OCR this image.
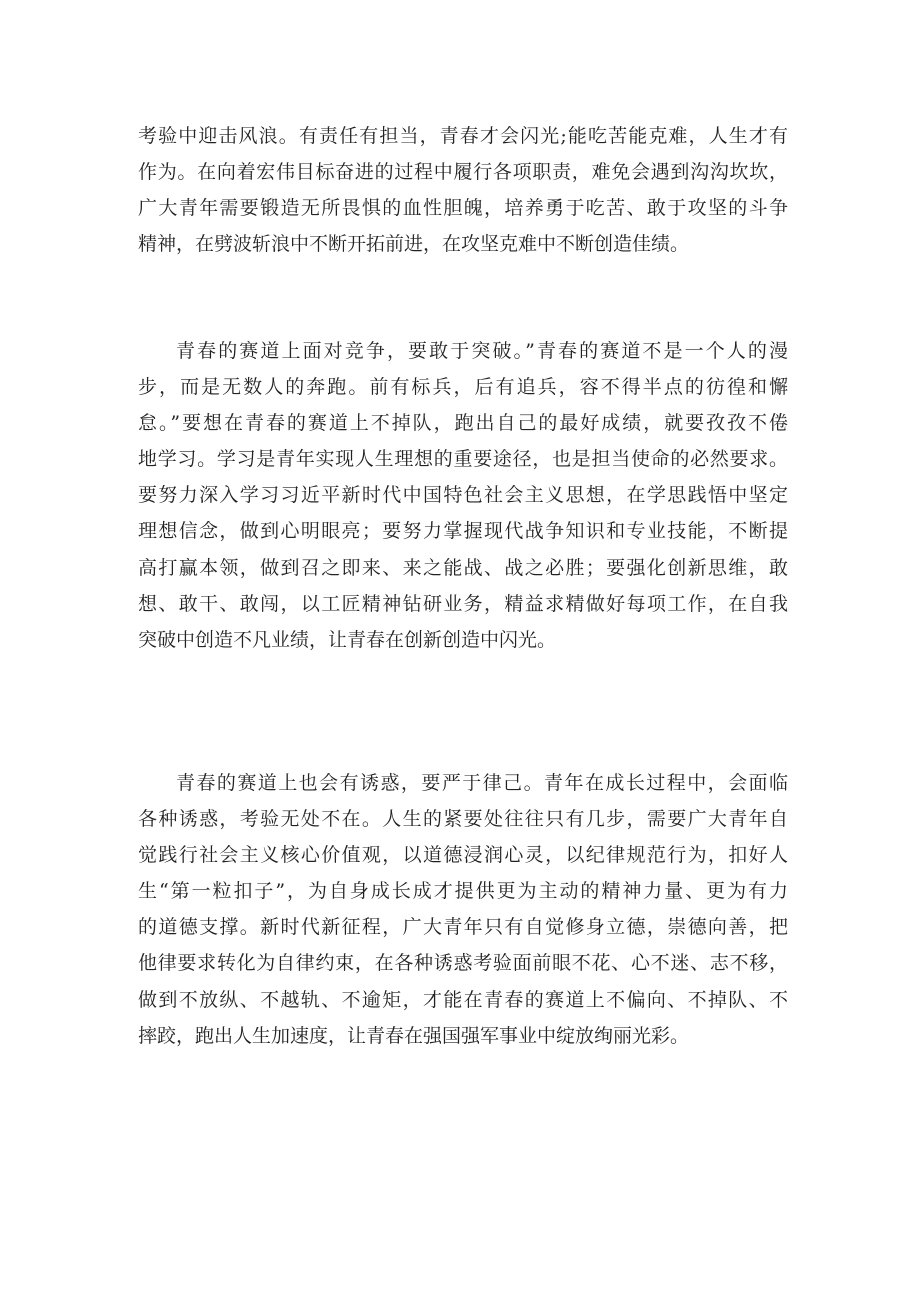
考验中迎击风浪。有责任有担当，青春才会闪光;能吃苦能克难，人生才有
作为。在向着宏伟目标奋进的过程中履行各项职责，难免会遇到沟沟坎坎，
广大青年需要锻造无所畏惧的血性胆魄，培养勇于吃苦、敢于攻坚的斗争
精神，在劈波斩浪中不断开拓前进，在攻坚克难中不断创造佳绩。
青春的赛道上面对竞争，要敢于突破。”青春的赛道不是一个人的漫
步，而是无数人的奔跑。前有标兵，后有追兵，容不得半点的彷徨和懈
怠。”要想在青春的赛道上不掉队，跑出自己的最好成绩，就要孜孜不倦
地学习。学习是青年实现人生理想的重要途径，也是担当使命的必然要求。
要努力深入学习习近平新时代中国特色社会主义思想，在学思践悟中坚定
理想信念，做到心明眼亮；要努力掌握现代战争知识和专业技能，不断提
高打赢本领，做到召之即来、来之能战、战之必胜；要强化创新思维，敢
想、敢干、敢闯，以工匠精神钻研业务，精益求精做好每项工作，在自我
突破中创造不凡业绩，让青春在创新创造中闪光。
青春的赛道上也会有诱惑，要严于律己。青年在成长过程中，会面临
各种诱惑，考验无处不在。人生的紧要处往往只有几步，需要广大青年自
觉践行社会主义核心价值观，以道德浸润心灵，以纪律规范行为，扣好人
生“第一粒扣子”，为自身成长成才提供更为主动的精神力量、更为有力
的道德支撑。新时代新征程，广大青年只有自觉修身立德，崇德向善，把
他律要求转化为自律约束，在各种诱惑考验面前眼不花、心不迷、志不移，
做到不放纵、不越轨、不逾矩，才能在青春的赛道上不偏向、不掉队、不
摔跤，跑出人生加速度，让青春在强国强军事业中绽放绚丽光彩。
